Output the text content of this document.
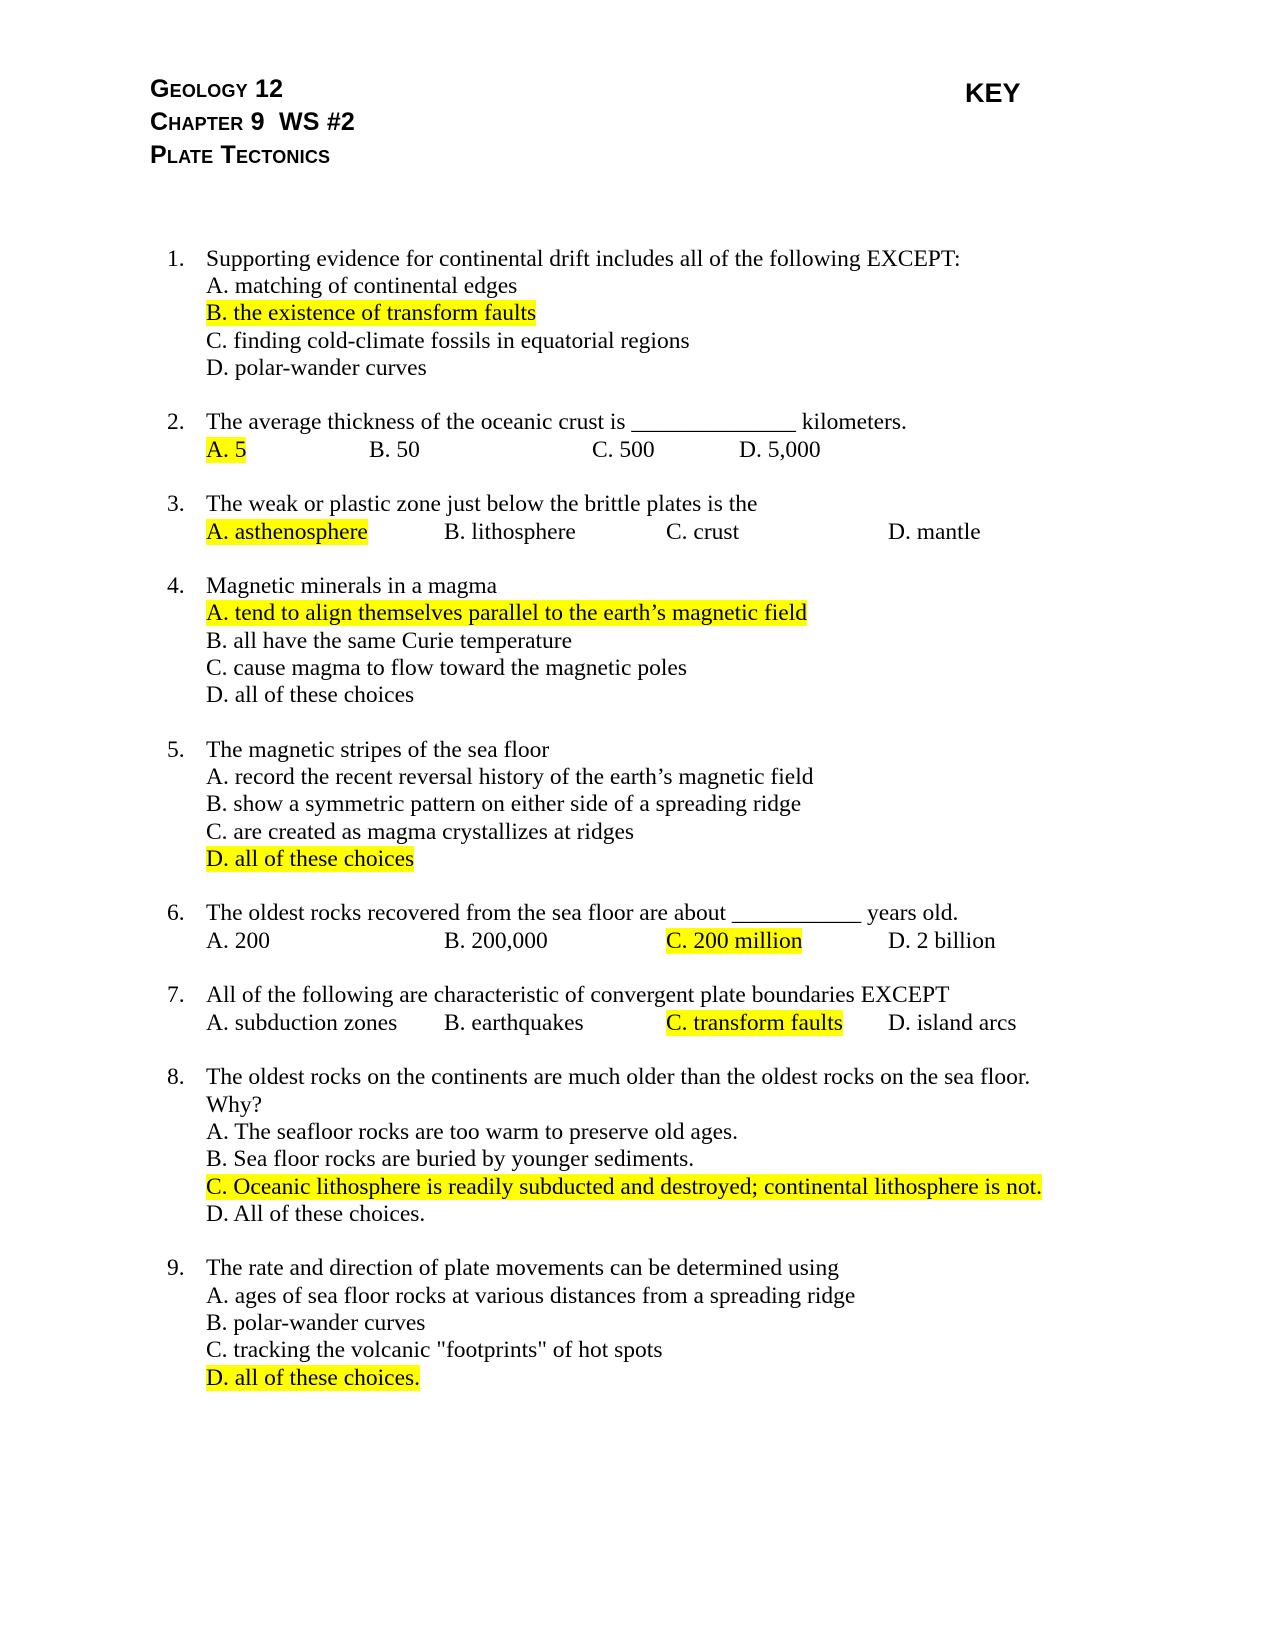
Geology 12
Chapter 9 WS #2
Plate Tectonics
KEY
1. Supporting evidence for continental drift includes all of the following EXCEPT:
A. matching of continental edges
B. the existence of transform faults
C. finding cold-climate fossils in equatorial regions
D. polar-wander curves
2. The average thickness of the oceanic crust is ______________ kilometers.
A. 5	B. 50	C. 500	D. 5,000
3. The weak or plastic zone just below the brittle plates is the
A. asthenosphere	B. lithosphere	C. crust	D. mantle
4. Magnetic minerals in a magma
A. tend to align themselves parallel to the earth’s magnetic field
B. all have the same Curie temperature
C. cause magma to flow toward the magnetic poles
D. all of these choices
5. The magnetic stripes of the sea floor
A. record the recent reversal history of the earth’s magnetic field
B. show a symmetric pattern on either side of a spreading ridge
C. are created as magma crystallizes at ridges
D. all of these choices
6. The oldest rocks recovered from the sea floor are about ___________ years old.
A. 200	B. 200,000	C. 200 million	D. 2 billion
7. All of the following are characteristic of convergent plate boundaries EXCEPT
A. subduction zones B. earthquakes	C. transform faults D. island arcs
8. The oldest rocks on the continents are much older than the oldest rocks on the sea floor.
Why?
A. The seafloor rocks are too warm to preserve old ages.
B. Sea floor rocks are buried by younger sediments.
C. Oceanic lithosphere is readily subducted and destroyed; continental lithosphere is not.
D. All of these choices.
9. The rate and direction of plate movements can be determined using
A. ages of sea floor rocks at various distances from a spreading ridge
B. polar-wander curves
C. tracking the volcanic "footprints" of hot spots
D. all of these choices.
